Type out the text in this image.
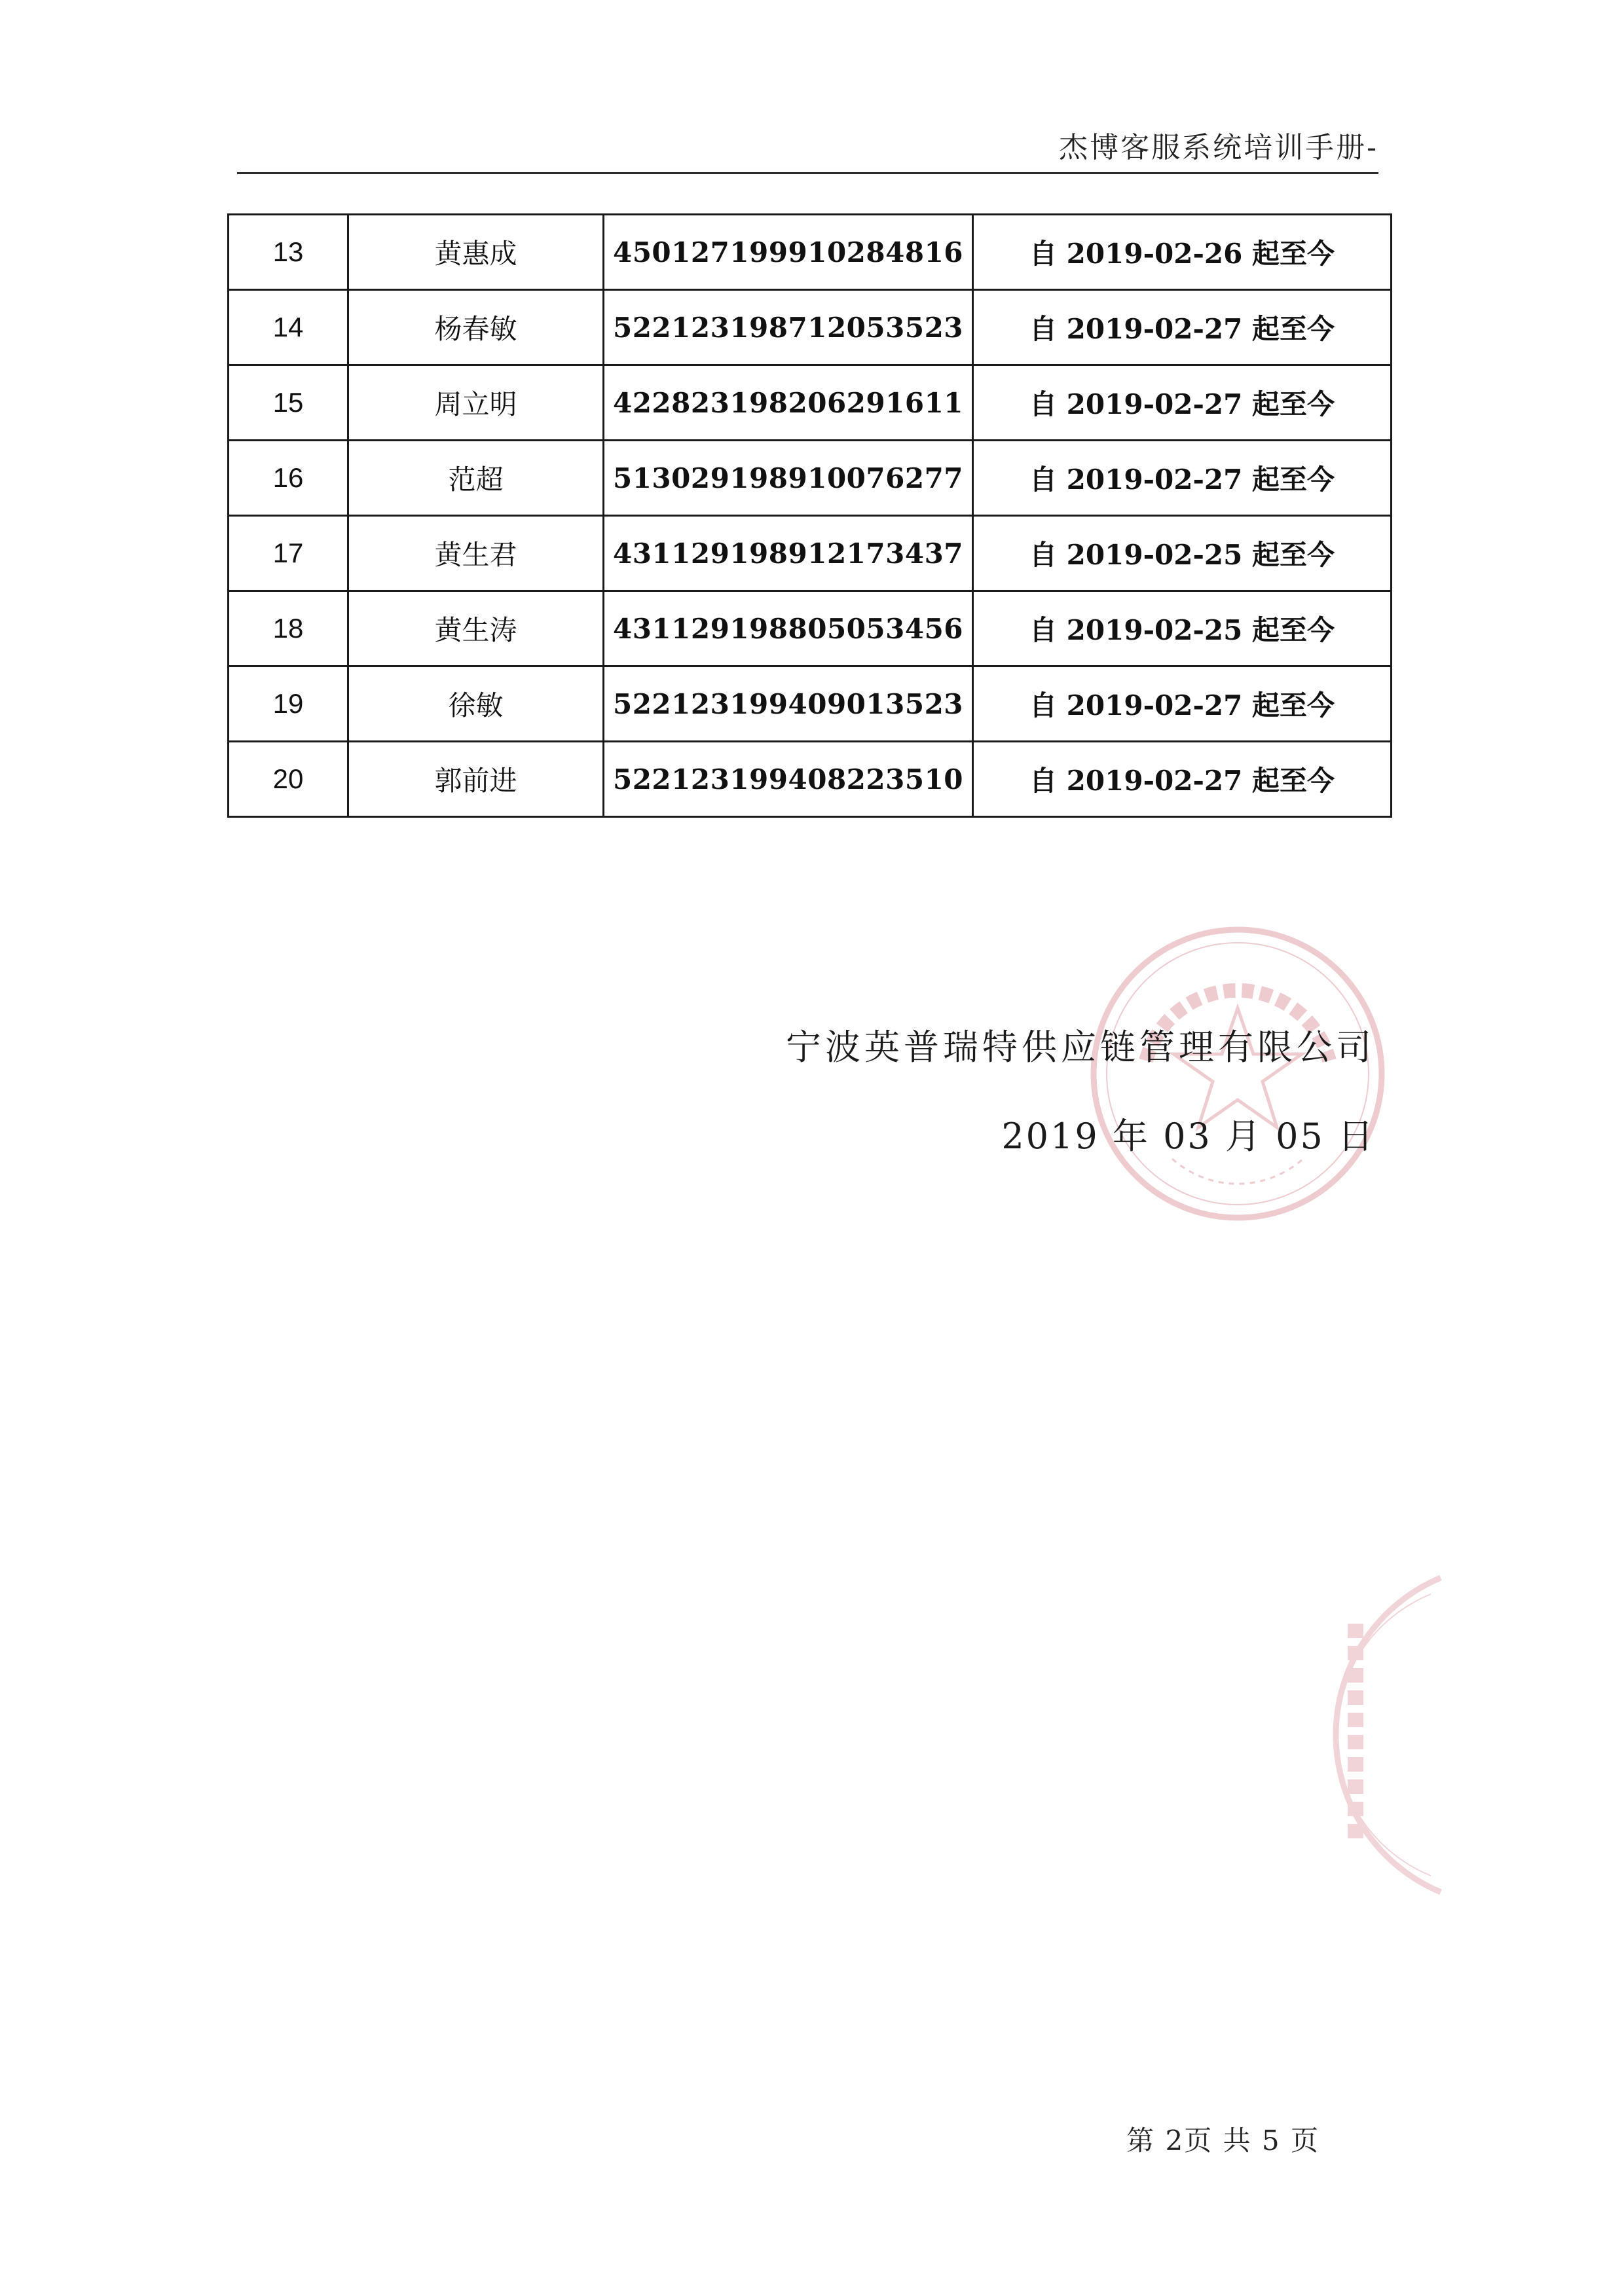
杰博客服系统培训手册-
13	黄惠成	450127199910284816	自 2019-02-26 起至今
14	杨春敏	522123198712053523	自 2019-02-27 起至今
15	周立明	422823198206291611	自 2019-02-27 起至今
16	范超	513029198910076277	自 2019-02-27 起至今
17	黄生君	431129198912173437	自 2019-02-25 起至今
18	黄生涛	431129198805053456	自 2019-02-25 起至今
19	徐敏	522123199409013523	自 2019-02-27 起至今
20	郭前进	522123199408223510	自 2019-02-27 起至今
宁波英普瑞特供应链管理有限公司
2019 年 03 月 05 日
第 2页 共 5 页
